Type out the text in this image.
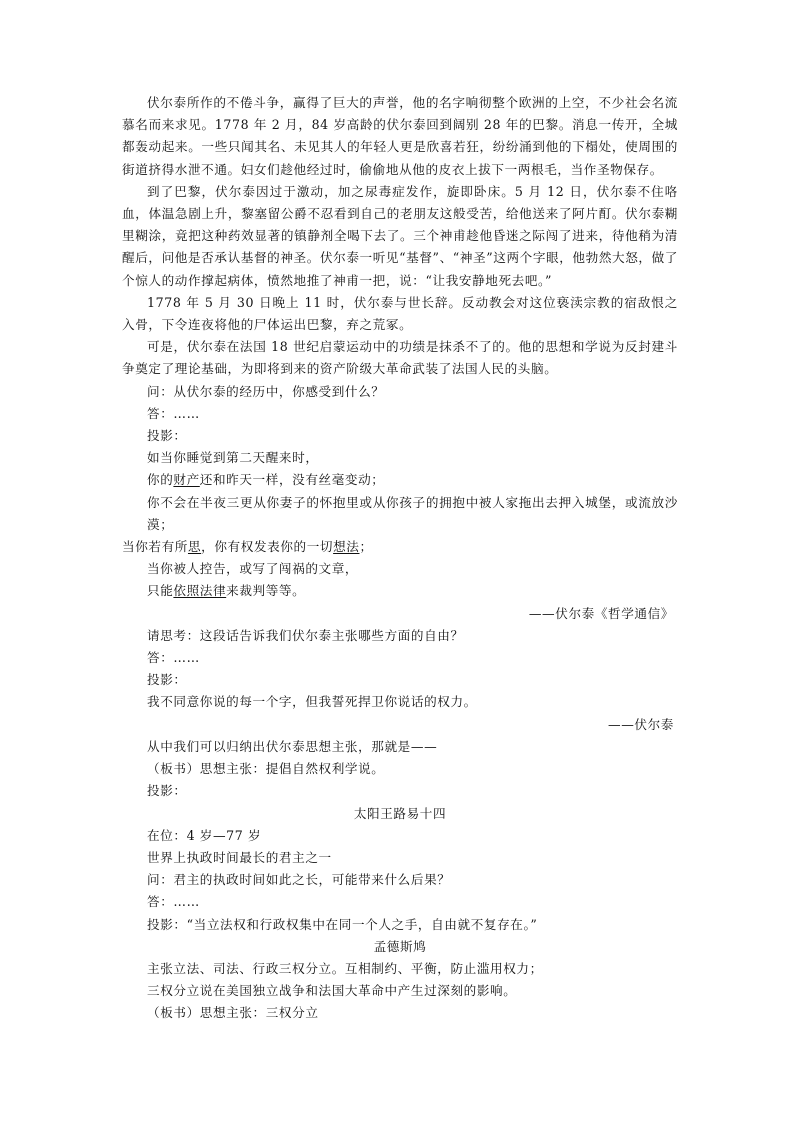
伏尔泰所作的不倦斗争，赢得了巨大的声誉，他的名字响彻整个欧洲的上空，不少社会名流慕名而来求见。1778 年 2 月，84 岁高龄的伏尔泰回到阔别 28 年的巴黎。消息一传开，全城都轰动起来。一些只闻其名、未见其人的年轻人更是欣喜若狂，纷纷涌到他的下榻处，使周围的街道挤得水泄不通。妇女们趁他经过时，偷偷地从他的皮衣上拔下一两根毛，当作圣物保存。

到了巴黎，伏尔泰因过于激动，加之尿毒症发作，旋即卧床。5 月 12 日，伏尔泰不住咯血，体温急剧上升，黎塞留公爵不忍看到自己的老朋友这般受苦，给他送来了阿片酊。伏尔泰糊里糊涂，竟把这种药效显著的镇静剂全喝下去了。三个神甫趁他昏迷之际闯了进来，待他稍为清醒后，问他是否承认基督的神圣。伏尔泰一听见“基督”、“神圣”这两个字眼，他勃然大怒，做了个惊人的动作撑起病体，愤然地推了神甫一把，说：“让我安静地死去吧。”

1778 年 5 月 30 日晚上 11 时，伏尔泰与世长辞。反动教会对这位亵渎宗教的宿敌恨之入骨，下令连夜将他的尸体运出巴黎，弃之荒冢。

可是，伏尔泰在法国 18 世纪启蒙运动中的功绩是抹杀不了的。他的思想和学说为反封建斗争奠定了理论基础，为即将到来的资产阶级大革命武装了法国人民的头脑。

问：从伏尔泰的经历中，你感受到什么？

答：……

投影：

如当你睡觉到第二天醒来时，

你的财产还和昨天一样，没有丝毫变动；

你不会在半夜三更从你妻子的怀抱里或从你孩子的拥抱中被人家拖出去押入城堡，或流放沙漠；

当你若有所思，你有权发表你的一切想法；

当你被人控告，或写了闯祸的文章，

只能依照法律来裁判等等。

——伏尔泰《哲学通信》

请思考：这段话告诉我们伏尔泰主张哪些方面的自由？

答：……

投影：

我不同意你说的每一个字，但我誓死捍卫你说话的权力。

——伏尔泰

从中我们可以归纳出伏尔泰思想主张，那就是——

（板书）思想主张：提倡自然权利学说。

投影：

太阳王路易十四

在位：4 岁—77 岁

世界上执政时间最长的君主之一

问：君主的执政时间如此之长，可能带来什么后果？

答：……

投影：“当立法权和行政权集中在同一个人之手，自由就不复存在。”

孟德斯鸠

主张立法、司法、行政三权分立。互相制约、平衡，防止滥用权力；

三权分立说在美国独立战争和法国大革命中产生过深刻的影响。

（板书）思想主张：三权分立
